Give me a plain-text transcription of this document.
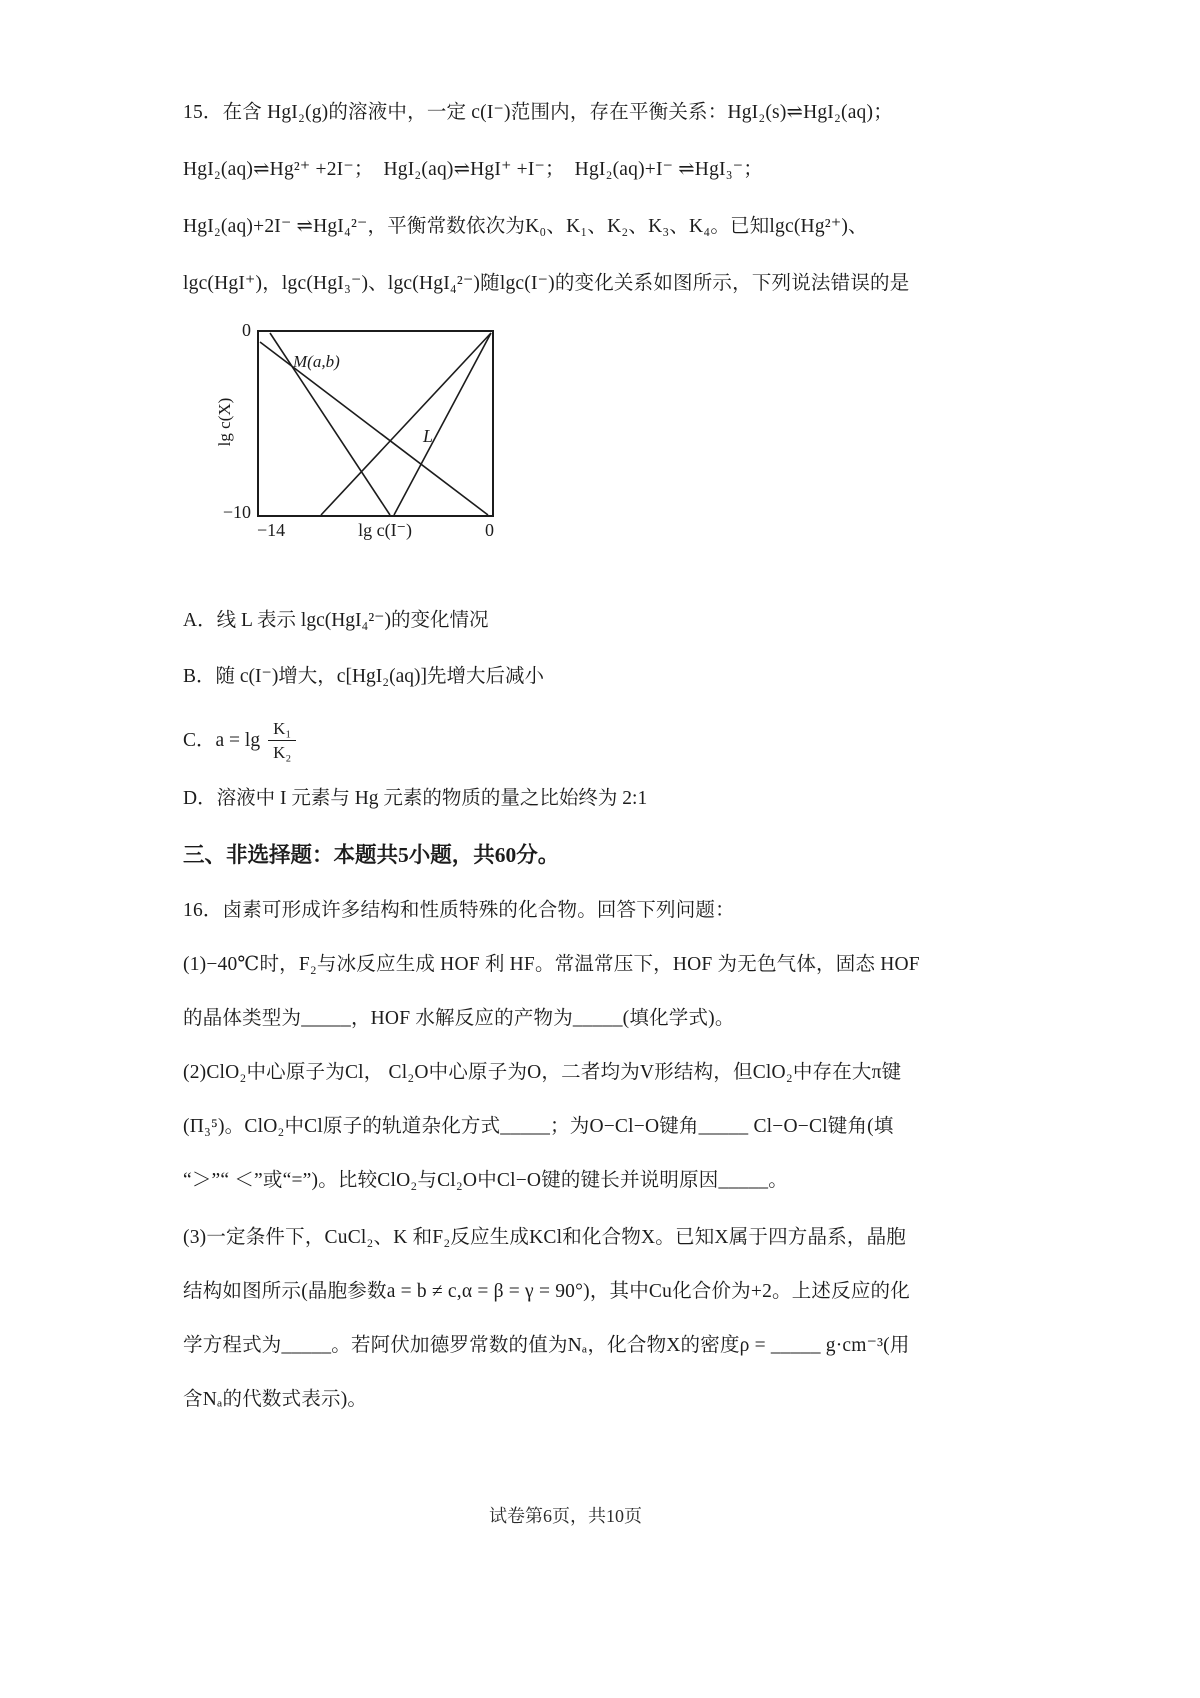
15．在含 HgI₂(g)的溶液中，一定 c(I⁻)范围内，存在平衡关系：HgI₂(s)⇌HgI₂(aq)；
HgI₂(aq)⇌Hg²⁺ +2I⁻；　HgI₂(aq)⇌HgI⁺ +I⁻；　HgI₂(aq)+I⁻ ⇌HgI₃⁻；
HgI₂(aq)+2I⁻ ⇌HgI₄²⁻，平衡常数依次为K₀、K₁、K₂、K₃、K₄。已知lgc(Hg²⁺)、
lgc(HgI⁺)，lgc(HgI₃⁻)、lgc(HgI₄²⁻)随lgc(I⁻)的变化关系如图所示，下列说法错误的是
0
lg c(X)
−10
M(a,b)
L
−14	lg c(I⁻)	0
A．线 L 表示 lgc(HgI₄²⁻)的变化情况
B．随 c(I⁻)增大，c[HgI₂(aq)]先增大后减小
C． $a = \lg \frac{\text{K₁}}{\text{K₂}}$
D．溶液中 I 元素与 Hg 元素的物质的量之比始终为 2:1
三、非选择题：本题共5小题，共60分。
16．卤素可形成许多结构和性质特殊的化合物。回答下列问题：
(1)−40℃时，F₂与冰反应生成 HOF 利 HF。常温常压下，HOF 为无色气体，固态 HOF
的晶体类型为_____，HOF 水解反应的产物为_____(填化学式)。
(2)ClO₂中心原子为Cl， Cl₂O中心原子为O，二者均为V形结构，但ClO₂中存在大π键
(Π₃⁵)。ClO₂中Cl原子的轨道杂化方式_____；为O−Cl−O键角_____ Cl−O−Cl键角(填
“＞”“ ＜”或“=”)。比较ClO₂与Cl₂O中Cl−O键的键长并说明原因_____。
(3)一定条件下，CuCl₂、K 和F₂反应生成KCl和化合物X。已知X属于四方晶系，晶胞
结构如图所示(晶胞参数a = b ≠ c,α = β = γ = 90°)，其中Cu化合价为+2。上述反应的化
学方程式为_____。若阿伏加德罗常数的值为Nₐ，化合物X的密度ρ = _____ g·cm⁻³(用
含Nₐ的代数式表示)。
试卷第6页，共10页
